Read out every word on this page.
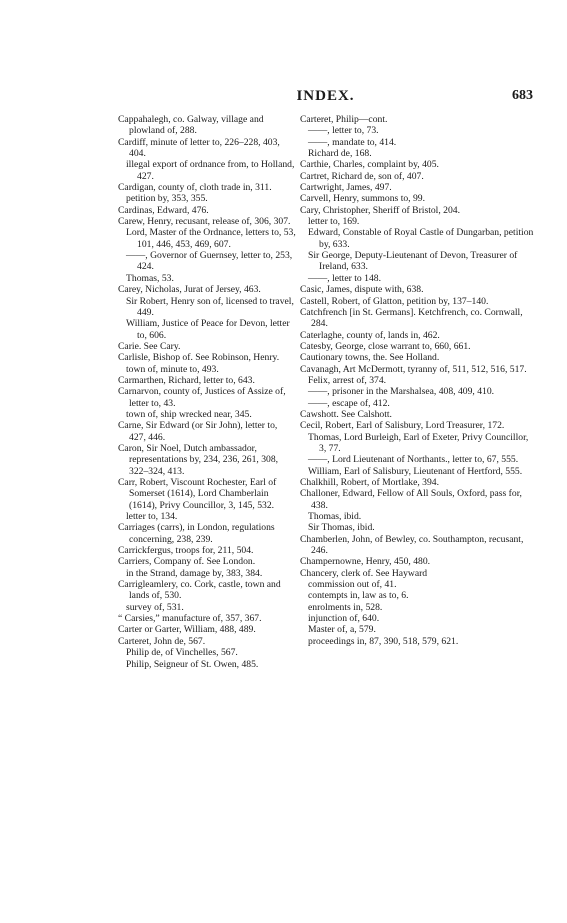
INDEX.	683

Cappahalegh, co. Galway, village and plowland of, 288.

Cardiff, minute of letter to, 226–228, 403, 404.

illegal export of ordnance from, to Holland, 427.

Cardigan, county of, cloth trade in, 311.

petition by, 353, 355.

Cardinas, Edward, 476.

Carew, Henry, recusant, release of, 306, 307.

Lord, Master of the Ordnance, letters to, 53, 101, 446, 453, 469, 607.

——, Governor of Guernsey, letter to, 253, 424.

Thomas, 53.

Carey, Nicholas, Jurat of Jersey, 463.

Sir Robert, Henry son of, licensed to travel, 449.

William, Justice of Peace for Devon, letter to, 606.

Carie. See Cary.

Carlisle, Bishop of. See Robinson, Henry.

town of, minute to, 493.

Carmarthen, Richard, letter to, 643.

Carnarvon, county of, Justices of Assize of, letter to, 43.

town of, ship wrecked near, 345.

Carne, Sir Edward (or Sir John), letter to, 427, 446.

Caron, Sir Noel, Dutch ambassador, representations by, 234, 236, 261, 308, 322–324, 413.

Carr, Robert, Viscount Rochester, Earl of Somerset (1614), Lord Chamberlain (1614), Privy Councillor, 3, 145, 532.

letter to, 134.

Carriages (carrs), in London, regulations concerning, 238, 239.

Carrickfergus, troops for, 211, 504.

Carriers, Company of. See London.

in the Strand, damage by, 383, 384.

Carrigleamlery, co. Cork, castle, town and lands of, 530.

survey of, 531.

“ Carsies,” manufacture of, 357, 367.

Carter or Garter, William, 488, 489.

Carteret, John de, 567.

Philip de, of Vinchelles, 567.

Philip, Seigneur of St. Owen, 485.

Carteret, Philip—cont.

——, letter to, 73.

——, mandate to, 414.

Richard de, 168.

Carthie, Charles, complaint by, 405.

Cartret, Richard de, son of, 407.

Cartwright, James, 497.

Carvell, Henry, summons to, 99.

Cary, Christopher, Sheriff of Bristol, 204.

letter to, 169.

Edward, Constable of Royal Castle of Dungarban, petition by, 633.

Sir George, Deputy-Lieutenant of Devon, Treasurer of Ireland, 633.

——, letter to 148.

Casic, James, dispute with, 638.

Castell, Robert, of Glatton, petition by, 137–140.

Catchfrench [in St. Germans]. Ketchfrench, co. Cornwall, 284.

Caterlaghe, county of, lands in, 462.

Catesby, George, close warrant to, 660, 661.

Cautionary towns, the. See Holland.

Cavanagh, Art McDermott, tyranny of, 511, 512, 516, 517.

Felix, arrest of, 374.

——, prisoner in the Marshalsea, 408, 409, 410.

——, escape of, 412.

Cawshott. See Calshott.

Cecil, Robert, Earl of Salisbury, Lord Treasurer, 172.

Thomas, Lord Burleigh, Earl of Exeter, Privy Councillor, 3, 77.

——, Lord Lieutenant of Northants., letter to, 67, 555.

William, Earl of Salisbury, Lieutenant of Hertford, 555.

Chalkhill, Robert, of Mortlake, 394.

Challoner, Edward, Fellow of All Souls, Oxford, pass for, 438.

Thomas, ibid.

Sir Thomas, ibid.

Chamberlen, John, of Bewley, co. Southampton, recusant, 246.

Champernowne, Henry, 450, 480.

Chancery, clerk of. See Hayward

commission out of, 41.

contempts in, law as to, 6.

enrolments in, 528.

injunction of, 640.

Master of, a, 579.

proceedings in, 87, 390, 518, 579, 621.
